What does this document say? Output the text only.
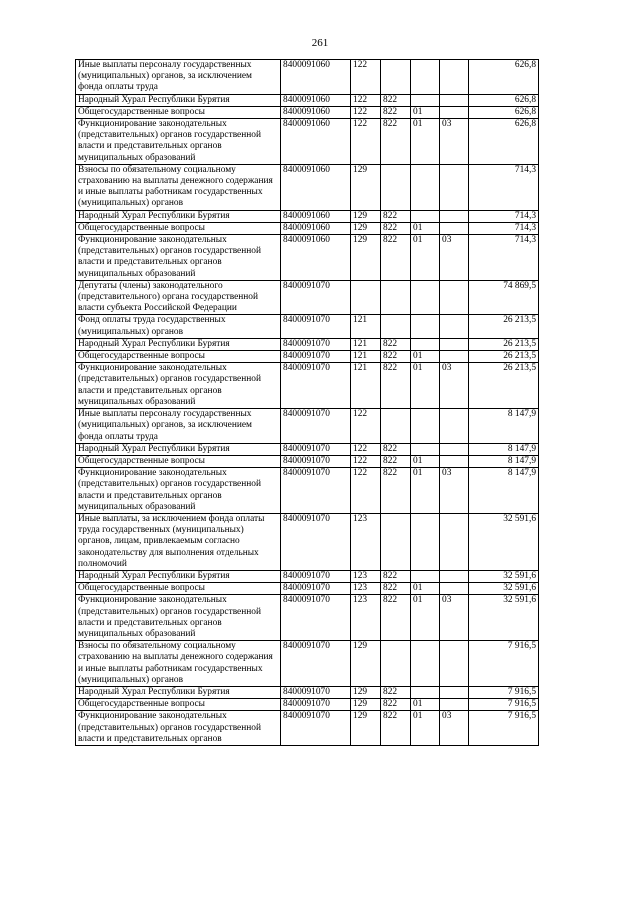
261
Иные выплаты персоналу государственных (муниципальных) органов, за исключением фонда оплаты труда	8400091060	122				626,8
Народный Хурал Республики Бурятия	8400091060	122	822			626,8
Общегосударственные вопросы	8400091060	122	822	01		626,8
Функционирование законодательных (представительных) органов государственной власти и представительных органов муниципальных образований	8400091060	122	822	01	03	626,8
Взносы по обязательному социальному страхованию на выплаты денежного содержания и иные выплаты работникам государственных (муниципальных) органов	8400091060	129				714,3
Народный Хурал Республики Бурятия	8400091060	129	822			714,3
Общегосударственные вопросы	8400091060	129	822	01		714,3
Функционирование законодательных (представительных) органов государственной власти и представительных органов муниципальных образований	8400091060	129	822	01	03	714,3
Депутаты (члены) законодательного (представительного) органа государственной власти субъекта Российской Федерации	8400091070					74 869,5
Фонд оплаты труда государственных (муниципальных) органов	8400091070	121				26 213,5
Народный Хурал Республики Бурятия	8400091070	121	822			26 213,5
Общегосударственные вопросы	8400091070	121	822	01		26 213,5
Функционирование законодательных (представительных) органов государственной власти и представительных органов муниципальных образований	8400091070	121	822	01	03	26 213,5
Иные выплаты персоналу государственных (муниципальных) органов, за исключением фонда оплаты труда	8400091070	122				8 147,9
Народный Хурал Республики Бурятия	8400091070	122	822			8 147,9
Общегосударственные вопросы	8400091070	122	822	01		8 147,9
Функционирование законодательных (представительных) органов государственной власти и представительных органов муниципальных образований	8400091070	122	822	01	03	8 147,9
Иные выплаты, за исключением фонда оплаты труда государственных (муниципальных) органов, лицам, привлекаемым согласно законодательству для выполнения отдельных полномочий	8400091070	123				32 591,6
Народный Хурал Республики Бурятия	8400091070	123	822			32 591,6
Общегосударственные вопросы	8400091070	123	822	01		32 591,6
Функционирование законодательных (представительных) органов государственной власти и представительных органов муниципальных образований	8400091070	123	822	01	03	32 591,6
Взносы по обязательному социальному страхованию на выплаты денежного содержания и иные выплаты работникам государственных (муниципальных) органов	8400091070	129				7 916,5
Народный Хурал Республики Бурятия	8400091070	129	822			7 916,5
Общегосударственные вопросы	8400091070	129	822	01		7 916,5
Функционирование законодательных (представительных) органов государственной власти и представительных органов	8400091070	129	822	01	03	7 916,5
